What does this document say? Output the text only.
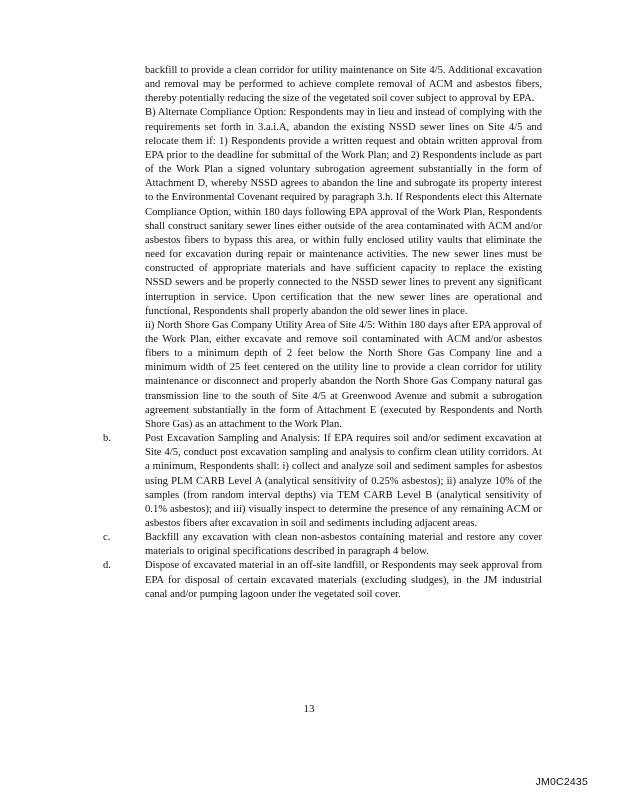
backfill to provide a clean corridor for utility maintenance on Site 4/5. Additional excavation and removal may be performed to achieve complete removal of ACM and asbestos fibers, thereby potentially reducing the size of the vegetated soil cover subject to approval by EPA.

B) Alternate Compliance Option: Respondents may in lieu and instead of complying with the requirements set forth in 3.a.i.A, abandon the existing NSSD sewer lines on Site 4/5 and relocate them if: 1) Respondents provide a written request and obtain written approval from EPA prior to the deadline for submittal of the Work Plan; and 2) Respondents include as part of the Work Plan a signed voluntary subrogation agreement substantially in the form of Attachment D, whereby NSSD agrees to abandon the line and subrogate its property interest to the Environmental Covenant required by paragraph 3.h. If Respondents elect this Alternate Compliance Option, within 180 days following EPA approval of the Work Plan, Respondents shall construct sanitary sewer lines either outside of the area contaminated with ACM and/or asbestos fibers to bypass this area, or within fully enclosed utility vaults that eliminate the need for excavation during repair or maintenance activities. The new sewer lines must be constructed of appropriate materials and have sufficient capacity to replace the existing NSSD sewers and be properly connected to the NSSD sewer lines to prevent any significant interruption in service. Upon certification that the new sewer lines are operational and functional, Respondents shall properly abandon the old sewer lines in place.

ii) North Shore Gas Company Utility Area of Site 4/5: Within 180 days after EPA approval of the Work Plan, either excavate and remove soil contaminated with ACM and/or asbestos fibers to a minimum depth of 2 feet below the North Shore Gas Company line and a minimum width of 25 feet centered on the utility line to provide a clean corridor for utility maintenance or disconnect and properly abandon the North Shore Gas Company natural gas transmission line to the south of Site 4/5 at Greenwood Avenue and submit a subrogation agreement substantially in the form of Attachment E (executed by Respondents and North Shore Gas) as an attachment to the Work Plan.

b.	Post Excavation Sampling and Analysis: If EPA requires soil and/or sediment excavation at Site 4/5, conduct post excavation sampling and analysis to confirm clean utility corridors. At a minimum, Respondents shall: i) collect and analyze soil and sediment samples for asbestos using PLM CARB Level A (analytical sensitivity of 0.25% asbestos); ii) analyze 10% of the samples (from random interval depths) via TEM CARB Level B (analytical sensitivity of 0.1% asbestos); and iii) visually inspect to determine the presence of any remaining ACM or asbestos fibers after excavation in soil and sediments including adjacent areas.
c.	Backfill any excavation with clean non-asbestos containing material and restore any cover materials to original specifications described in paragraph 4 below.
d.	Dispose of excavated material in an off-site landfill, or Respondents may seek approval from EPA for disposal of certain excavated materials (excluding sludges), in the JM industrial canal and/or pumping lagoon under the vegetated soil cover.
13
JM0C2435
